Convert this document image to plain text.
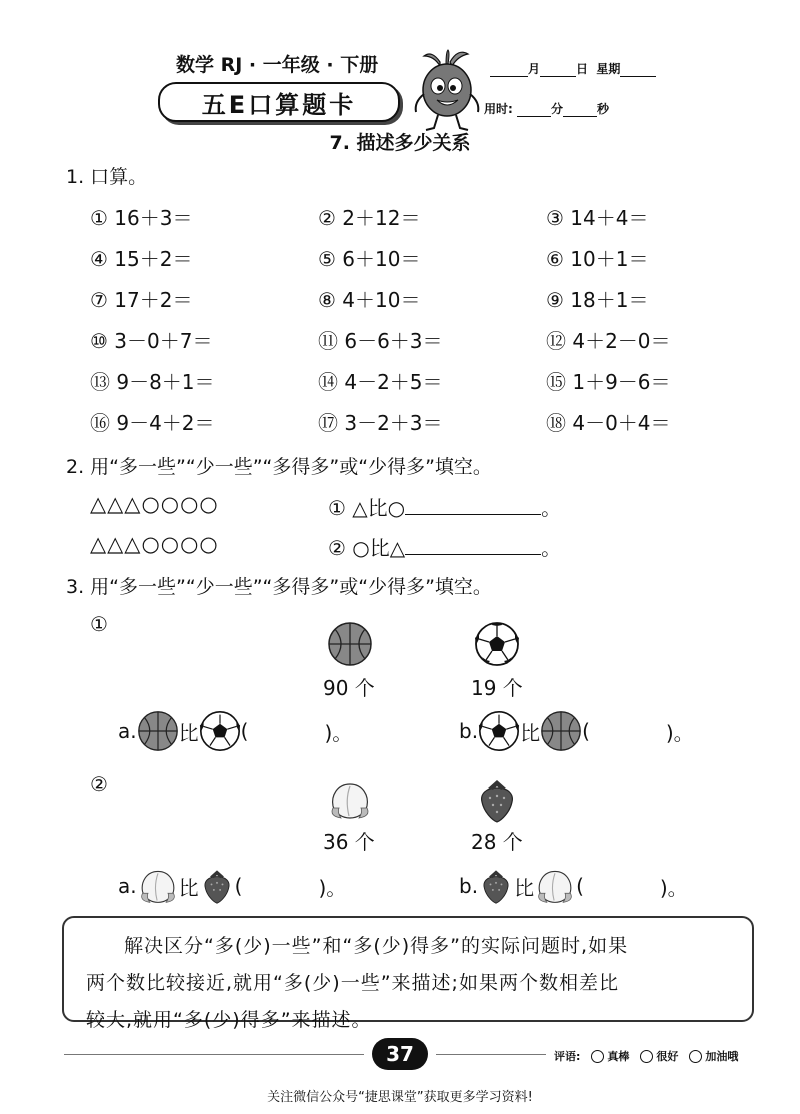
数学 RJ · 一年级 · 下册
五E口算题卡
月	日 星期
用时:	分	秒
7. 描述多少关系
1. 口算。
① 16＋3＝	② 2＋12＝	③ 14＋4＝
④ 15＋2＝	⑤ 6＋10＝	⑥ 10＋1＝
⑦ 17＋2＝	⑧ 4＋10＝	⑨ 18＋1＝
⑩ 3－0＋7＝	⑪ 6－6＋3＝	⑫ 4＋2－0＝
⑬ 9－8＋1＝	⑭ 4－2＋5＝	⑮ 1＋9－6＝
⑯ 9－4＋2＝	⑰ 3－2＋3＝	⑱ 4－0＋4＝
2. 用“多一些”“少一些”“多得多”或“少得多”填空。
△△△○○○○	① △比○	。
△△△○○○○	② ○比△	。
3. 用“多一些”“少一些”“多得多”或“少得多”填空。
①
90 个	19 个
a. 比 (	)。	b. 比 (	)。
②
36 个	28 个
a. 比 (	)。	b. 比 (	)。
解决区分“多(少)一些”和“多(少)得多”的实际问题时,如果
两个数比较接近,就用“多(少)一些”来描述;如果两个数相差比
较大,就用“多(少)得多”来描述。
37	评语: 真棒 很好 加油哦
关注微信公众号“捷思课堂”获取更多学习资料!
